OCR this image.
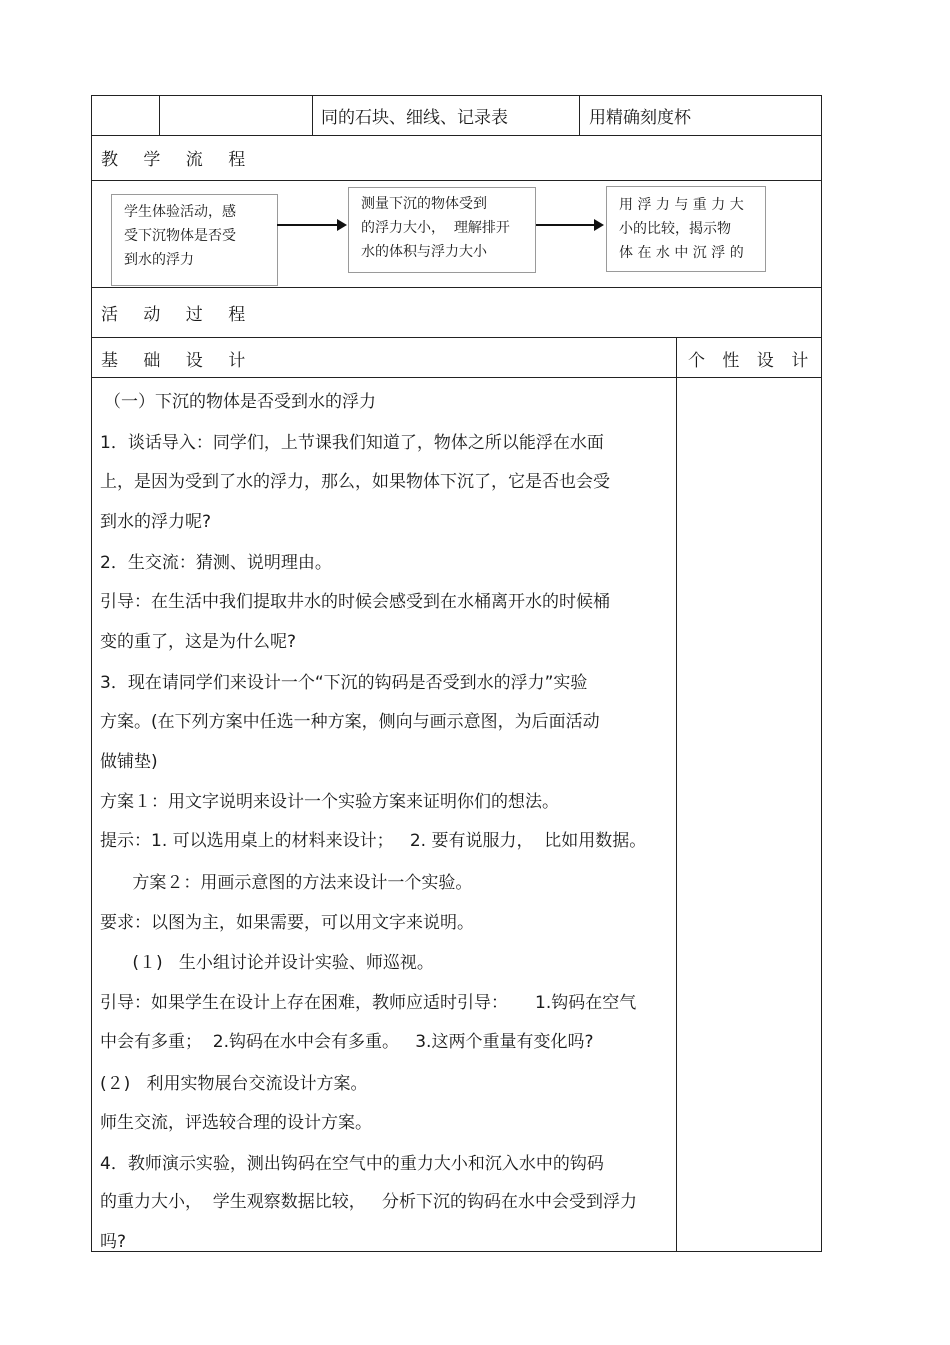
同的石块、细线、记录表	用精确刻度杯
教 学 流 程
学生体验活动，感
受下沉物体是否受
到水的浮力
测量下沉的物体受到
的浮力大小，  理解排开
水的体积与浮力大小
用 浮 力 与 重 力 大
小的比较，揭示物
体 在 水 中 沉 浮 的
活 动 过 程
基 础 设 计	个 性 设 计
（一）下沉的物体是否受到水的浮力
1．谈话导入：同学们，上节课我们知道了，物体之所以能浮在水面
上，是因为受到了水的浮力，那么，如果物体下沉了，它是否也会受
到水的浮力呢?
2．生交流：猜测、说明理由。
引导：在生活中我们提取井水的时候会感受到在水桶离开水的时候桶
变的重了，这是为什么呢?
3．现在请同学们来设计一个“下沉的钩码是否受到水的浮力”实验
方案。(在下列方案中任选一种方案，侧向与画示意图，为后面活动
做铺垫)
方案１：用文字说明来设计一个实验方案来证明你们的想法。
提示：1. 可以选用桌上的材料来设计；   2. 要有说服力，  比如用数据。
方案２：用画示意图的方法来设计一个实验。
要求：以图为主，如果需要，可以用文字来说明。
(１)   生小组讨论并设计实验、师巡视。
引导：如果学生在设计上存在困难，教师应适时引导：     1.钩码在空气
中会有多重；  2.钩码在水中会有多重。   3.这两个重量有变化吗?
(２)   利用实物展台交流设计方案。
师生交流，评选较合理的设计方案。
4．教师演示实验，测出钩码在空气中的重力大小和沉入水中的钩码
的重力大小，  学生观察数据比较，   分析下沉的钩码在水中会受到浮力
吗?
